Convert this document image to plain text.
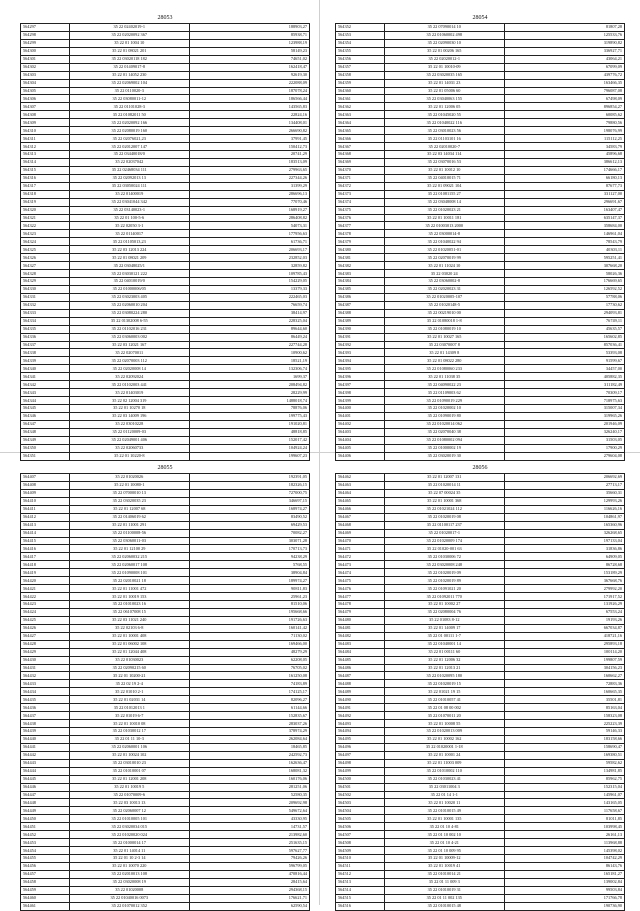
28053
564297	35 22 02402019-1	188903,27
564298	35 22 02020092 367	85938,71
564299	35 22 01 1004 10	123988,19
564300	35 22 01 08021 201	58149,23
564301	35 22 03020118 182	74651,02
564302	35 22 01409017-8	162418,47
564303	35 22 01 14052 230	92619,30
564304	35 22 02069002 104	222088,09
564305	35 22 0110020-3	187078,24
564306	35 22 03080011-12	186566,44
564307	35 22 01101028-3	143565,83
564308	35 22 01082011 50	22824,16
564309	35 22 02020092 166	134408,01
564310	35 22 02080019 160	266690,82
564311	35 22 02076021,23	37991,45
564312	35 22 02012007 147	150412,73
564313	35 22 03440018/0	20741,29
564314	35 22 02037042	183513,09
564315	35 22 02468034 111	279963,65
564316	35 22 02092013 13	227344,26
564317	35 22 03050024 111	31399,29
564318	35 22 01400019	286696,13
564319	35 22 03041044 342	77070,46
564320	35 22 03140023-1	168919,27
564321	35 22 01 100-5-6	286408,82
564322	35 22 02050 3-1	54073,31
564323	35 22 01140017	177956,63
564324	35 22 01105013,23	61736,71
564325	35 22 03 12013 224	206693,17
564326	35 22 01 08021 209	232852,03
564327	35 22 03048025/1	32859,82
564328	35 22 03030121 222	109785,43
564329	35 22 04010019/0	154229,05
564330	35 22 01000006/05	13379,33
564331	35 22 03023003 405	222465,03
564332	35 22 02060010 204	76659,74
564333	35 22 03080224 280	38414,97
564334	35 22 01302008 6-55	228325,04
564335	35 22 01102016 231	89644,60
564336	35 22 03060003 002	86449,24
564337	35 22 03 12021 167	227744,28
564338	35 22 02070011	10900,62
564339	35 22 02070003 112	18521,19
564340	35 22 02020008 14	132306,74
564341	35 22 02092024	1699,37
564342	35 22 01102003 441	208494,82
564343	35 22 01403019	28229,99
564344	35 22 02 12004 319	1488018,74
564345	35 22 01 10270 18	78876,06
564346	35 22 03 14009 196	199775,43
564347	35 22 03010228	191020,81
564348	35 22 01120009-03	48818,85
564349	35 22 02049001 406	152017,42
564350	35 22 02060733	104924,24
564351	35 22 01 10220-8	199607,23
28054
564352	35 22 07090014 10	81807,28
564353	35 22 01060002 498	125533,76
564354	35 22 02090030 10	319890,82
564355	35 22 01 00206 165	336927,71
564356	35 22 02020012-1	43064,21
564357	35 22 01 10010-09	67099,09
564358	35 22 03020035 165	439776,72
564359	35 22 01 14031 23	163466,35
564360	35 22 01 05006 60	796087,08
564361	35 22 03040063 155	67498,09
564362	35 22 01 12006 05	896854,27
564363	35 22 01045020 55	60085,62
564364	35 22 01040022 116	79880,56
564365	35 22 03010023 56	198076,99
564366	35 22 01103101 16	115112,25
564367	35 22 02010020-7	34583,79
564368	35 22 03 14034 114	45896,68
564369	35 22 03070016 53	386612,13
564370	35 22 01 10012 10	174666,17
564371	35 22 04010015 71	66180,13
564372	35 22 01 09021 104	87677,73
564373	35 22 01081155 27	331127,00
564374	35 22 03048008 14	296691,67
564375	35 22 01020023 21	163407,47
564376	35 22 01 10011 181	635147,37
564377	35 22 01003013 2000	358684,00
564378	35 22 03000014-8	146961,04
564379	35 22 01040022 94	78543,79
564380	35 22 01020051-01	40303,11
564381	35 22 02070019 99	595251,41
564382	35 22 01 11024 10	307668,20
564383	35 22 03020 24	58026,36
564384	35 22 03060002-8	176669,65
564385	35 22 02020023 31	126592,52
564386	35 22 01020005-107	57788,06
564387	35 22 01020148-5	17730,62
564388	35 22 00219010 00	294093,81
564389	35 22 01080018 1-8	76749,11
564390	35 22 01080019 10	45635,57
564391	35 22 01 10027 165	165602,85
564392	35 22 03070007 8	857036,41
564393	35 22 01 14309 8	53393,08
564394	35 22 01 08022 280	91599,67
564395	35 22 01080060 233	34457,00
564396	35 22 01 11038 35	405882,35
564397	35 22 04090022 23	311182,49
564398	35 22 01109003 62	70309,17
564399	35 22 01090019 229	718975,63
564400	35 22 01020002 10	315007,34
564401	35 22 01090019 80	319965,26
564402	35 22 01020014 062	201946,09
564403	35 22 02070040 38	326240,17
564404	35 22 01080002 094	31503,05
564405	35 22 01000002 19	17900,29
564406	35 22 03020019 30	279604,08
28055
564407	35 22 01020026	192391,05
564408	35 22 01 10080-1	182326,15
564409	35 22 07000010 13	727000,75
564410	35 22 03020035 23	346697,15
564411	35 22 01 12007 68	168974,27
564412	35 22 01406019 62	83490,52
564413	35 22 01 11001 291	69429,53
564414	35 22 01100008-56	70082,27
564415	35 22 03060011-03	303071,28
564416	35 22 01 12100 29	170713,73
564417	35 22 02060032 215	94238,29
564418	35 22 02060017 108	5768,55
564419	35 22 01090008 101	38904,84
564420	35 22 02010021 18	189974,27
564421	35 22 01 11001 472	90811,83
564422	35 22 01 10019 153	25961,23
564423	35 22 01010023 16	81510,06
564424	35 22 06107008 15	195668,66
564425	35 22 03 11021 240	191726,63
564426	35 22 02103 6-8	160141,42
564427	35 22 01 10001 408	71130,02
564428	35 22 01 06002 108	169466,00
564429	35 22 01 12044 408	48279,29
564430	35 22 01030023	62208,05
564431	35 22 02090215 60	76705,02
564432	35 22 01 10200-21	161250,08
564433	35 22 02 19 2-4	74183,89
564434	35 22 01010 2-1	174125,17
564435	35 22 01 02031 14	82096,27
564436	35 22 01012013 1	61144,66
564437	35 22 01019 6-7	152835,67
564438	35 22 01 10010 08	283037,26
564439	35 22 01030012 17	378974,29
564440	35 22 01 11 10-3	262084,64
564441	35 22 02060001 106	18465,85
564442	35 22 01 10024 102	242592,73
564443	35 22 03010010 23	162636,47
564444	35 22 01010001 07	168081,32
564445	35 22 01 12001 208	160176,06
564446	35 22 01 10019 5	281251,06
564447	35 22 01070009-6	52580,35
564448	35 22 03 10013 13	209692,98
564449	35 22 02060007 12	549672,64
564450	35 22 01010005 101	43330,95
564451	35 22 03020034 015	14731,57
564452	35 22 01020020 024	213982,60
564453	35 22 01000014 17	251635,15
564454	35 22 01 14014 11	597627,77
564455	35 22 01 10 2-3 14	79426,26
564456	35 22 01 10070 220	596799,05
564457	35 22 02010013 108	470816,44
564458	35 22 03020008 19	28415,64
564459	35 22 01020008	294368,15
564460	35 22 01040016 0073	176621,71
564461	35 22 01070012 352	62590,54
28056
564462	35 22 01 12007 131	206692,69
564463	35 22 01020014 11	27713,17
564464	35 22 07 00024 35	35660,31
564465	35 22 01 10001 368	129993,26
564466	35 22 01021024 112	116626,16
564467	35 22 01020019 08	104861,97
564468	35 22 01100117 237	165360,96
564469	35 22 01020017-1	326268,65
564470	35 22 01020009 174	197133,04
564471	35 22 01020-001 63	31836,86
564472	35 22 01030006 72	64909,05
564473	35 22 03020008 248	86728,68
564474	35 22 01020019 09	153189,29
564475	35 22 01020019 89	367668,76
564476	35 22 01091021 20	279992,20
564477	35 22 01092011 770	171917,52
564478	35 22 01 10002 27	131926,29
564479	35 22 02080004 76	67553,24
564480	35 22 01083 8-12	19193,26
564481	35 22 01 14009 17	667034,87
564482	35 22 01 00111 1-7	418721,16
564483	35 22 01040001 14	295893,18
564484	35 22 01 00111 60	100114,20
564485	35 22 01 12006 32	199807,59
564486	35 22 01 12013 21	304156,23
564487	35 22 01020095 180	160662,27
564488	35 22 01020019 15	72883,36
564489	35 22 01021 19 15	160665,35
564490	35 22 01010057 41	35501,81
564491	35 22 01 08 00 002	85163,04
564492	35 22 01070011 20	158323,08
564493	35 22 01 10008 55	225223,39
564494	35 22 01020013 009	59146,33
564495	35 22 01 10002 162	183158,66
564496	35 22 01020001 1-18	158690,47
564497	35 22 01 10001 24	169380,51
564498	35 22 01 11003 009	59582,62
564499	35 22 01010002 110	134981,85
564500	35 22 01030023 41	85962,75
564501	35 22 03011004 3	152315,04
564502	35 22 01 14 1-1	145961,07
564503	35 22 01 10020 11	143165,05
564504	35 22 01010015 49	117658,67
564505	35 22 01 10001 135	81011,85
564506	35 22 01 10 4-81	103998,45
564507	35 22 01 10 002 10	26161,13
564508	35 22 01 10 4-21	113968,88
564509	35 22 01 10 009 95	145398,02
564510	35 22 01 10009-12	104742,29
564511	35 22 01 10019 41	86143,76
564512	35 22 01010014 21	165181,27
564513	35 22 01 11 009 3	139002,84
564514	35 22 01010019 31	99503,84
564515	35 22 01 11 002 135	171766,78
564516	35 22 01010015 48	190736,90
